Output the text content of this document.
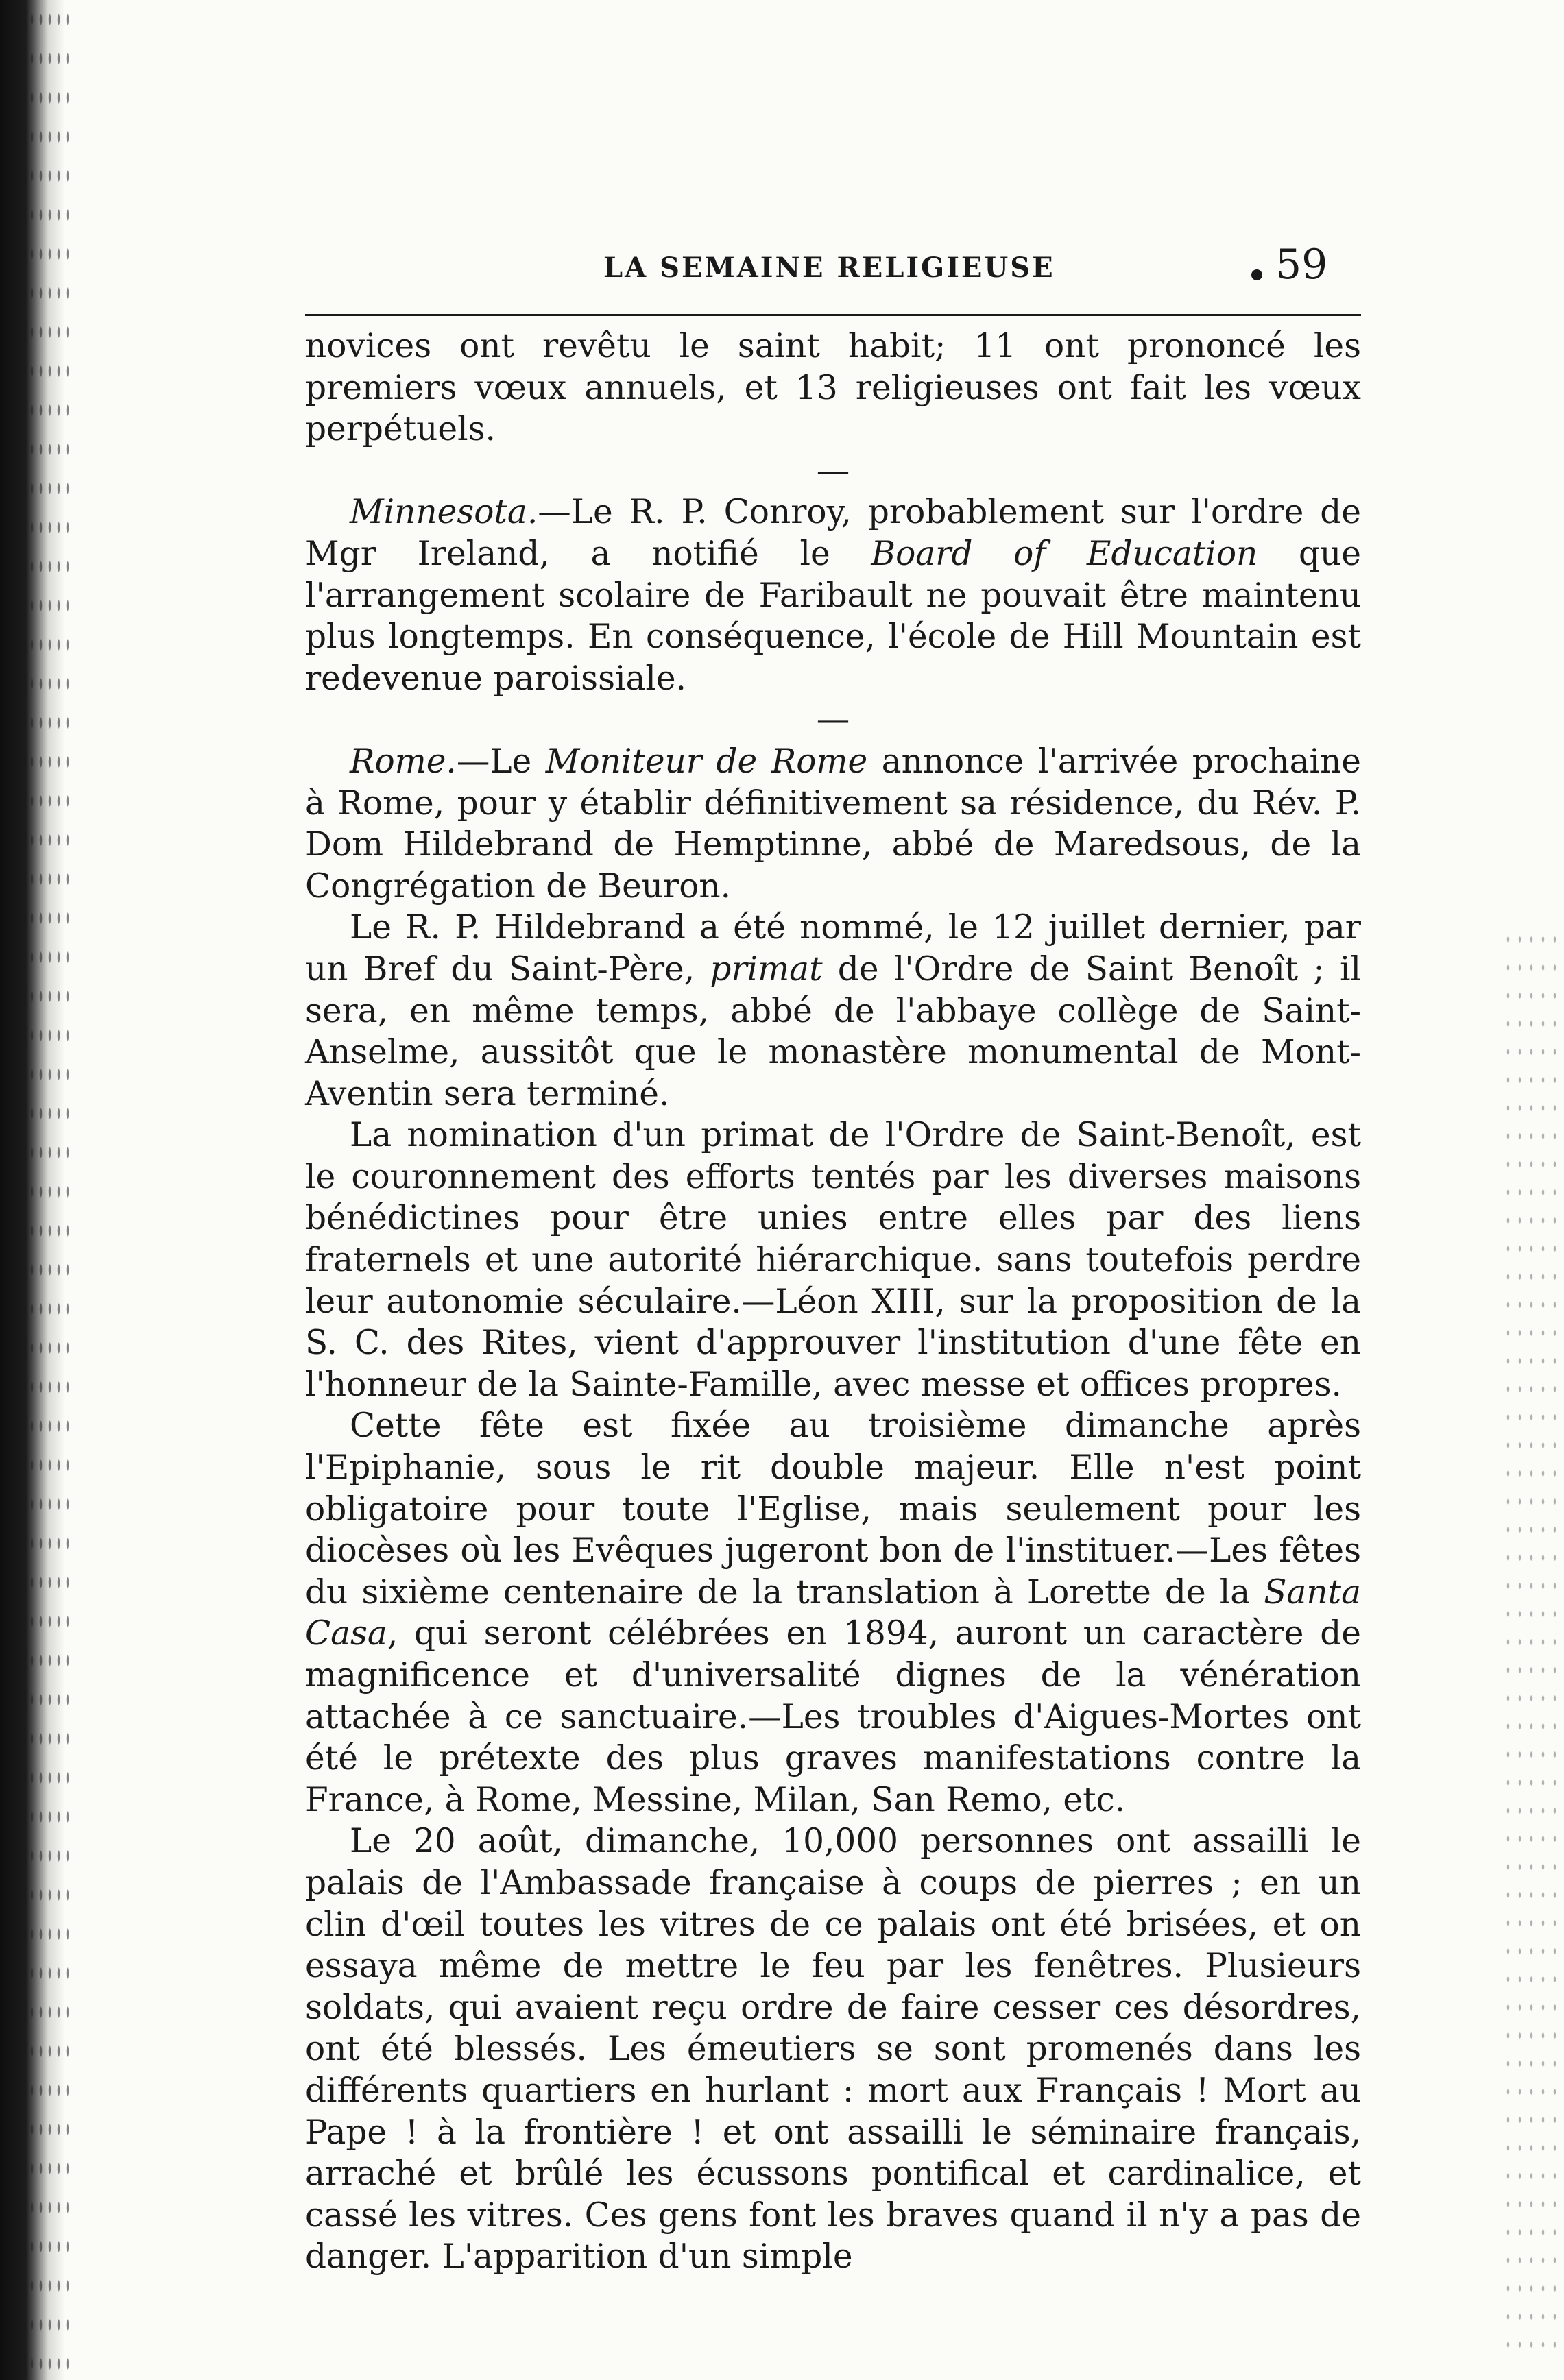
LA SEMAINE RELIGIEUSE	59

novices ont revêtu le saint habit; 11 ont prononcé les premiers vœux annuels, et 13 religieuses ont fait les vœux perpétuels.

—

Minnesota.—Le R. P. Conroy, probablement sur l'ordre de Mgr Ireland, a notifié le Board of Education que l'arrangement scolaire de Faribault ne pouvait être maintenu plus longtemps. En conséquence, l'école de Hill Mountain est redevenue paroissiale.

—

Rome.—Le Moniteur de Rome annonce l'arrivée prochaine à Rome, pour y établir définitivement sa résidence, du Rév. P. Dom Hildebrand de Hemptinne, abbé de Maredsous, de la Congrégation de Beuron.

Le R. P. Hildebrand a été nommé, le 12 juillet dernier, par un Bref du Saint-Père, primat de l'Ordre de Saint Benoît ; il sera, en même temps, abbé de l'abbaye collège de Saint-Anselme, aussitôt que le monastère monumental de Mont-Aventin sera terminé.

La nomination d'un primat de l'Ordre de Saint-Benoît, est le couronnement des efforts tentés par les diverses maisons bénédictines pour être unies entre elles par des liens fraternels et une autorité hiérarchique. sans toutefois perdre leur autonomie séculaire.—Léon XIII, sur la proposition de la S. C. des Rites, vient d'approuver l'institution d'une fête en l'honneur de la Sainte-Famille, avec messe et offices propres.

Cette fête est fixée au troisième dimanche après l'Epiphanie, sous le rit double majeur. Elle n'est point obligatoire pour toute l'Eglise, mais seulement pour les diocèses où les Evêques jugeront bon de l'instituer.—Les fêtes du sixième centenaire de la translation à Lorette de la Santa Casa, qui seront célébrées en 1894, auront un caractère de magnificence et d'universalité dignes de la vénération attachée à ce sanctuaire.—Les troubles d'Aigues-Mortes ont été le prétexte des plus graves manifestations contre la France, à Rome, Messine, Milan, San Remo, etc.

Le 20 août, dimanche, 10,000 personnes ont assailli le palais de l'Ambassade française à coups de pierres ; en un clin d'œil toutes les vitres de ce palais ont été brisées, et on essaya même de mettre le feu par les fenêtres. Plusieurs soldats, qui avaient reçu ordre de faire cesser ces désordres, ont été blessés. Les émeutiers se sont promenés dans les différents quartiers en hurlant : mort aux Français ! Mort au Pape ! à la frontière ! et ont assailli le séminaire français, arraché et brûlé les écussons pontifical et cardinalice, et cassé les vitres. Ces gens font les braves quand il n'y a pas de danger. L'apparition d'un simple
